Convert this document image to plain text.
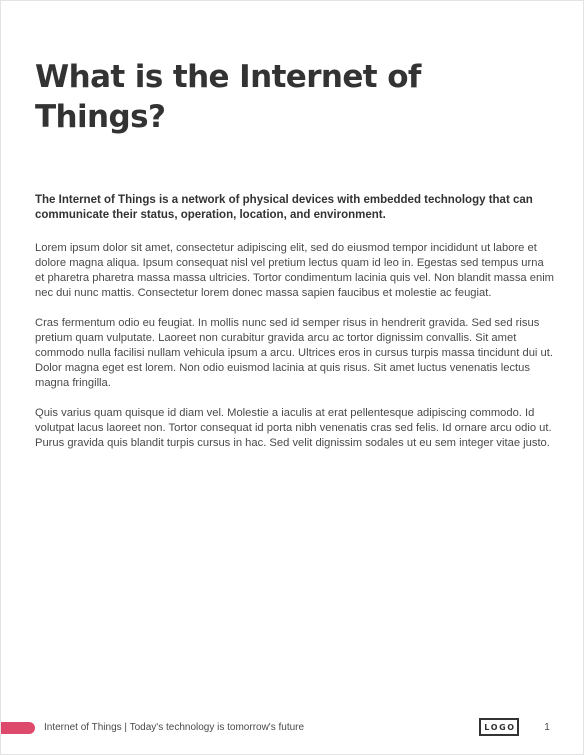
What is the Internet of Things?

The Internet of Things is a network of physical devices with embedded technology that can communicate their status, operation, location, and environment.

Lorem ipsum dolor sit amet, consectetur adipiscing elit, sed do eiusmod tempor incididunt ut labore et dolore magna aliqua. Ipsum consequat nisl vel pretium lectus quam id leo in. Egestas sed tempus urna et pharetra pharetra massa massa ultricies. Tortor condimentum lacinia quis vel. Non blandit massa enim nec dui nunc mattis. Consectetur lorem donec massa sapien faucibus et molestie ac feugiat.

Cras fermentum odio eu feugiat. In mollis nunc sed id semper risus in hendrerit gravida. Sed sed risus pretium quam vulputate. Laoreet non curabitur gravida arcu ac tortor dignissim convallis. Sit amet commodo nulla facilisi nullam vehicula ipsum a arcu. Ultrices eros in cursus turpis massa tincidunt dui ut. Dolor magna eget est lorem. Non odio euismod lacinia at quis risus. Sit amet luctus venenatis lectus magna fringilla.

Quis varius quam quisque id diam vel. Molestie a iaculis at erat pellentesque adipiscing commodo. Id volutpat lacus laoreet non. Tortor consequat id porta nibh venenatis cras sed felis. Id ornare arcu odio ut. Purus gravida quis blandit turpis cursus in hac. Sed velit dignissim sodales ut eu sem integer vitae justo.

Internet of Things | Today's technology is tomorrow's future	LOGO	1
